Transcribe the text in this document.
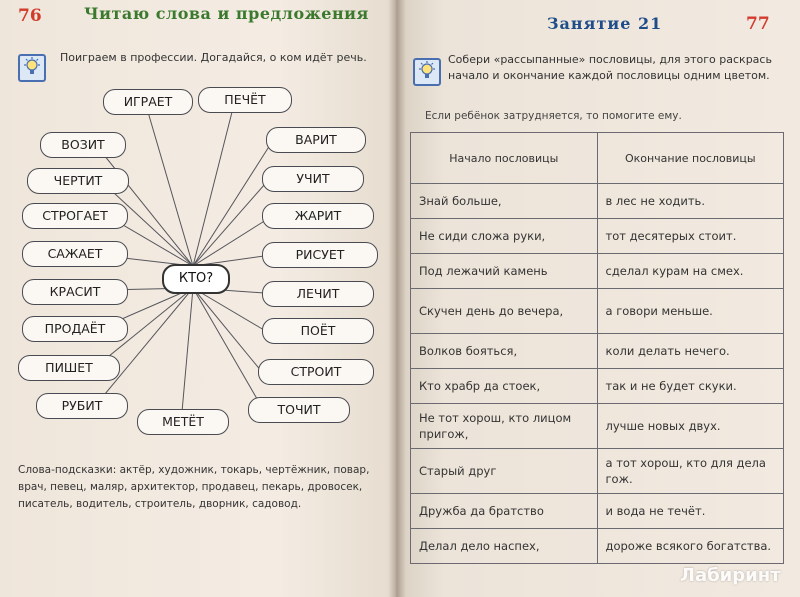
76	Читаю слова и предложения
Поиграем в профессии. Догадайся, о ком идёт речь.
ИГРАЕТ	ПЕЧЁТ
ВОЗИТ	ВАРИТ
ЧЕРТИТ	УЧИТ
СТРОГАЕТ	ЖАРИТ
САЖАЕТ	РИСУЕТ
КРАСИТ	ЛЕЧИТ
ПРОДАЁТ	ПОЁТ
ПИШЕТ	СТРОИТ
РУБИТ
МЕТЁТ
ТОЧИТ
КТО?
Слова-подсказки: актёр, художник, токарь, чертёжник, повар, врач, певец, маляр, архитектор, продавец, пекарь, дровосек, писатель, водитель, строитель, дворник, садовод.
Занятие 21	77
Собери «рассыпанные» пословицы, для этого раскрась начало и окончание каждой пословицы одним цветом.
Если ребёнок затрудняется, то помогите ему.
Начало пословицы	Окончание пословицы
Знай больше,	в лес не ходить.
Не сиди сложа руки,	тот десятерых стоит.
Под лежачий камень	сделал курам на смех.
Скучен день до вечера,	а говори меньше.
Волков бояться,	коли делать нечего.
Кто храбр да стоек,	так и не будет скуки.
Не тот хорош, кто лицом пригож,	лучше новых двух.
Старый друг	а тот хорош, кто для дела гож.
Дружба да братство	и вода не течёт.
Делал дело наспех,	дороже всякого богатства.
Лабиринт
